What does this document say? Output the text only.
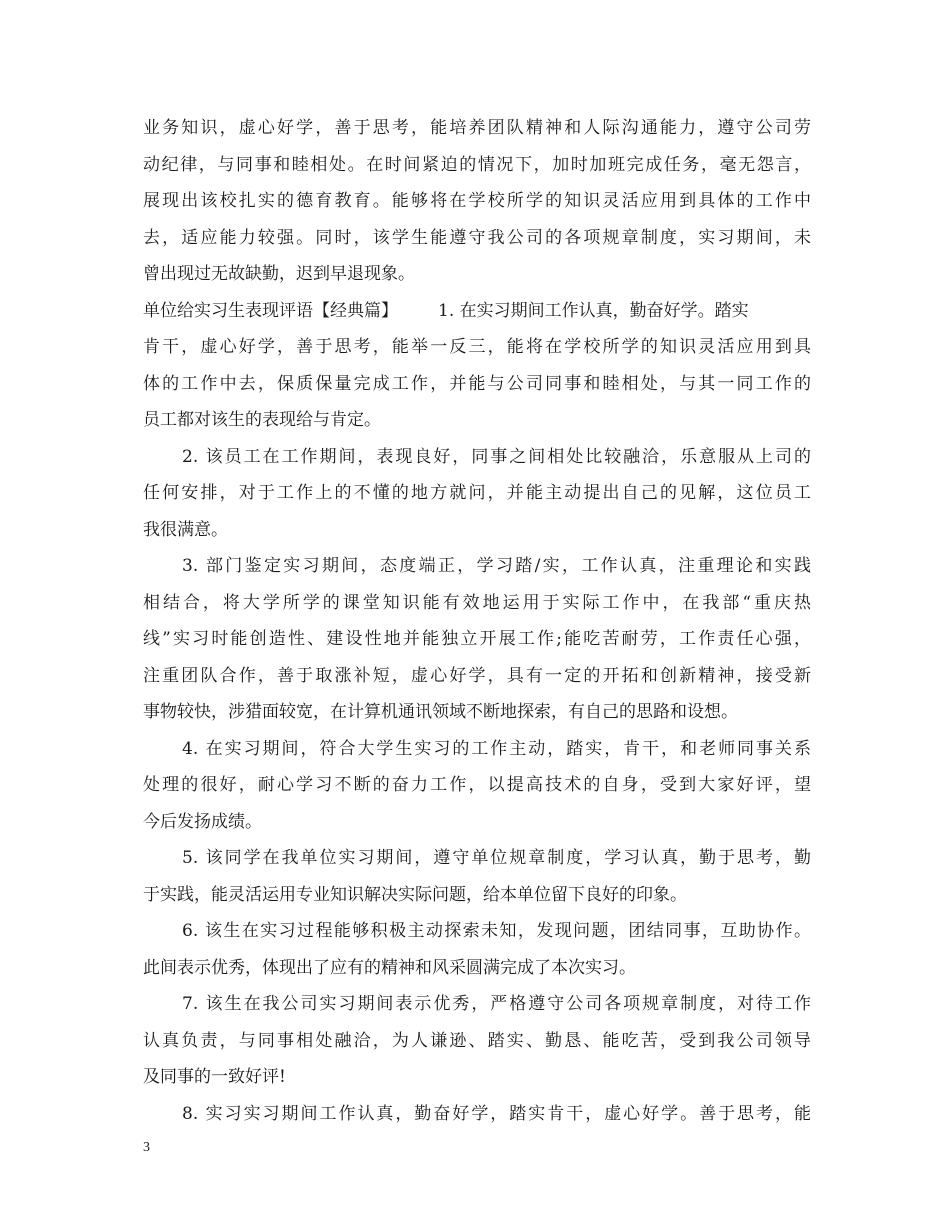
业务知识，虚心好学，善于思考，能培养团队精神和人际沟通能力，遵守公司劳
动纪律，与同事和睦相处。在时间紧迫的情况下，加时加班完成任务，毫无怨言，
展现出该校扎实的德育教育。能够将在学校所学的知识灵活应用到具体的工作中
去，适应能力较强。同时，该学生能遵守我公司的各项规章制度，实习期间，未
曾出现过无故缺勤，迟到早退现象。
单位给实习生表现评语【经典篇】 1. 在实习期间工作认真，勤奋好学。踏实
肯干，虚心好学，善于思考，能举一反三，能将在学校所学的知识灵活应用到具
体的工作中去，保质保量完成工作，并能与公司同事和睦相处，与其一同工作的
员工都对该生的表现给与肯定。
2. 该员工在工作期间，表现良好，同事之间相处比较融洽，乐意服从上司的
任何安排，对于工作上的不懂的地方就问，并能主动提出自己的见解，这位员工
我很满意。
3. 部门鉴定实习期间，态度端正，学习踏/实，工作认真，注重理论和实践
相结合，将大学所学的课堂知识能有效地运用于实际工作中，在我部“重庆热
线”实习时能创造性、建设性地并能独立开展工作;能吃苦耐劳，工作责任心强，
注重团队合作，善于取涨补短，虚心好学，具有一定的开拓和创新精神，接受新
事物较快，涉猎面较宽，在计算机通讯领域不断地探索，有自己的思路和设想。
4. 在实习期间，符合大学生实习的工作主动，踏实，肯干，和老师同事关系
处理的很好，耐心学习不断的奋力工作，以提高技术的自身，受到大家好评，望
今后发扬成绩。
5. 该同学在我单位实习期间，遵守单位规章制度，学习认真，勤于思考，勤
于实践，能灵活运用专业知识解决实际问题，给本单位留下良好的印象。
6. 该生在实习过程能够积极主动探索未知，发现问题，团结同事，互助协作。
此间表示优秀，体现出了应有的精神和风采圆满完成了本次实习。
7. 该生在我公司实习期间表示优秀，严格遵守公司各项规章制度，对待工作
认真负责，与同事相处融洽，为人谦逊、踏实、勤恳、能吃苦，受到我公司领导
及同事的一致好评!
8. 实习实习期间工作认真，勤奋好学，踏实肯干，虚心好学。善于思考，能
3
